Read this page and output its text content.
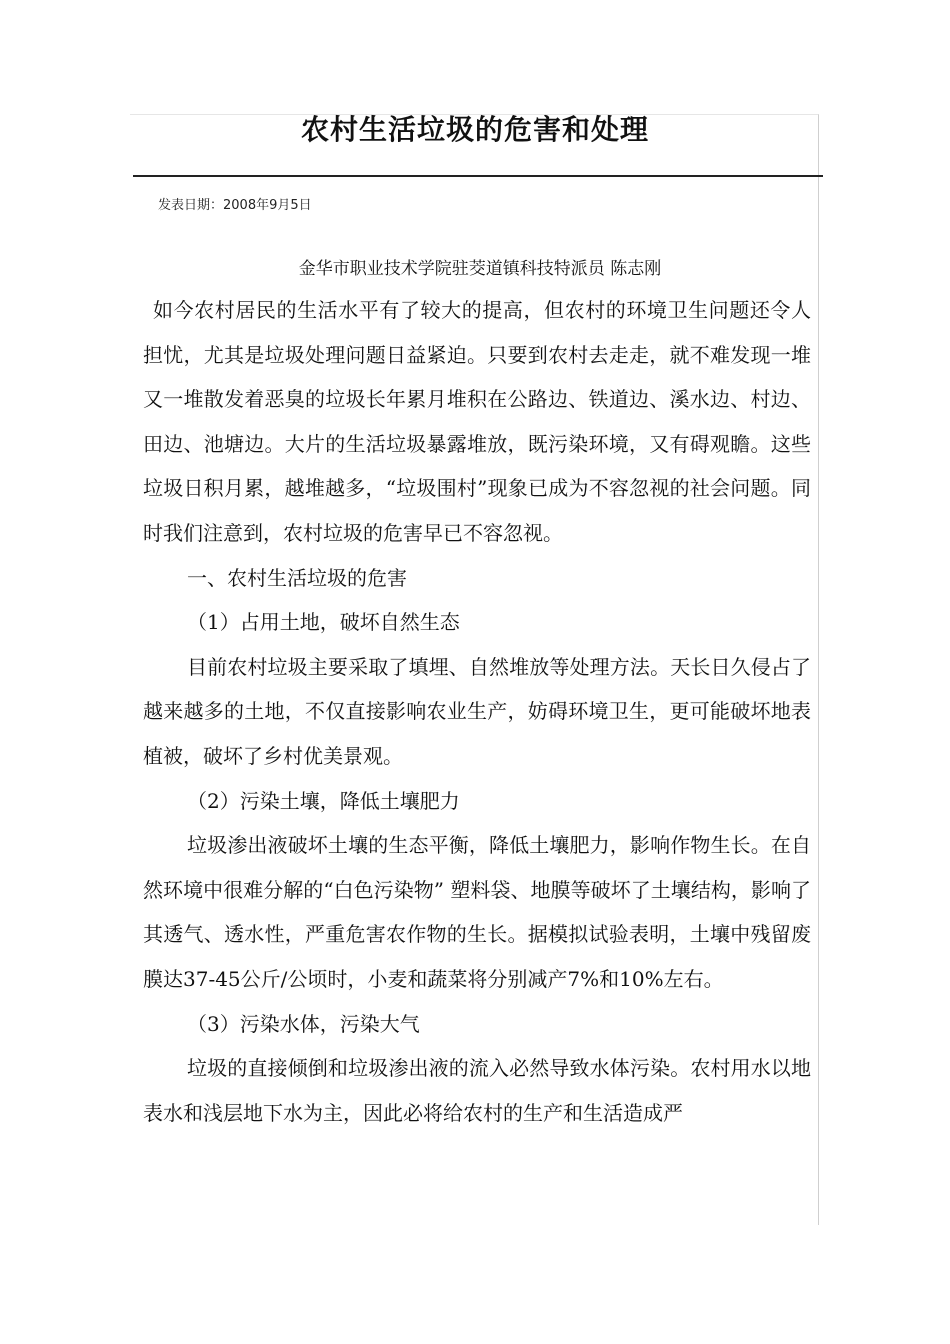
农村生活垃圾的危害和处理
发表日期：2008年9月5日
金华市职业技术学院驻茭道镇科技特派员 陈志刚

如今农村居民的生活水平有了较大的提高，但农村的环境卫生问题还令人担忧，尤其是垃圾处理问题日益紧迫。只要到农村去走走，就不难发现一堆又一堆散发着恶臭的垃圾长年累月堆积在公路边、铁道边、溪水边、村边、田边、池塘边。大片的生活垃圾暴露堆放，既污染环境，又有碍观瞻。这些垃圾日积月累，越堆越多，“垃圾围村”现象已成为不容忽视的社会问题。同时我们注意到，农村垃圾的危害早已不容忽视。

一、农村生活垃圾的危害

（1）占用土地，破坏自然生态

目前农村垃圾主要采取了填埋、自然堆放等处理方法。天长日久侵占了越来越多的土地，不仅直接影响农业生产，妨碍环境卫生，更可能破坏地表植被，破坏了乡村优美景观。

（2）污染土壤，降低土壤肥力

垃圾渗出液破坏土壤的生态平衡，降低土壤肥力，影响作物生长。在自然环境中很难分解的“白色污染物” 塑料袋、地膜等破坏了土壤结构，影响了其透气、透水性，严重危害农作物的生长。据模拟试验表明，土壤中残留废膜达37-45公斤/公顷时，小麦和蔬菜将分别减产7%和10%左右。

（3）污染水体，污染大气

垃圾的直接倾倒和垃圾渗出液的流入必然导致水体污染。农村用水以地表水和浅层地下水为主，因此必将给农村的生产和生活造成严
